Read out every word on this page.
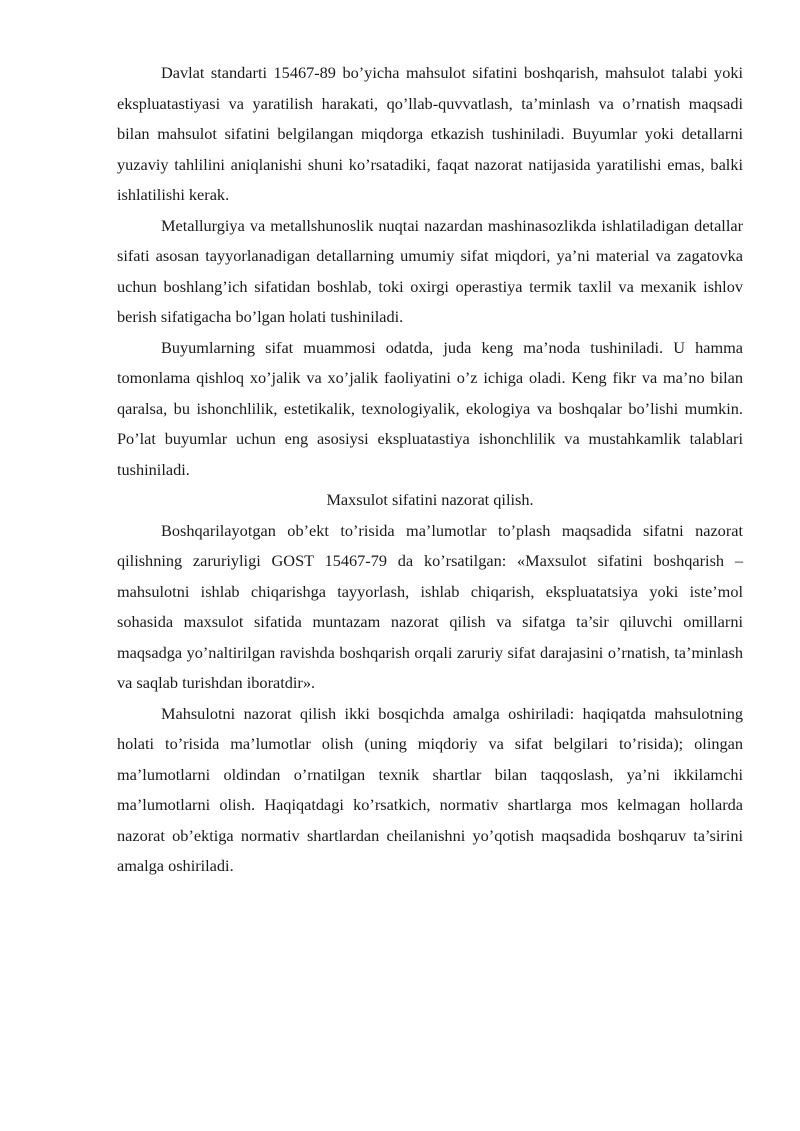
Davlat standarti 15467-89 bo’yicha mahsulot sifatini boshqarish, mahsulot talabi yoki ekspluatastiyasi va yaratilish harakati, qo’llab-quvvatlash, ta’minlash va o’rnatish maqsadi bilan mahsulot sifatini belgilangan miqdorga etkazish tushiniladi. Buyumlar yoki detallarni yuzaviy tahlilini aniqlanishi shuni ko’rsatadiki, faqat nazorat natijasida yaratilishi emas, balki ishlatilishi kerak.

Metallurgiya va metallshunoslik nuqtai nazardan mashinasozlikda ishlatiladigan detallar sifati asosan tayyorlanadigan detallarning umumiy sifat miqdori, ya’ni material va zagatovka uchun boshlang’ich sifatidan boshlab, toki oxirgi operastiya termik taxlil va mexanik ishlov berish sifatigacha bo’lgan holati tushiniladi.

Buyumlarning sifat muammosi odatda, juda keng ma’noda tushiniladi. U hamma tomonlama qishloq xo’jalik va xo’jalik faoliyatini o’z ichiga oladi. Keng fikr va ma’no bilan qaralsa, bu ishonchlilik, estetikalik, texnologiyalik, ekologiya va boshqalar bo’lishi mumkin. Po’lat buyumlar uchun eng asosiysi ekspluatastiya ishonchlilik va mustahkamlik talablari tushiniladi.

Maxsulot sifatini nazorat qilish.

Boshqarilayotgan ob’ekt to’risida ma’lumotlar to’plash maqsadida sifatni nazorat qilishning zaruriyligi GOST 15467-79 da ko’rsatilgan: «Maxsulot sifatini boshqarish – mahsulotni ishlab chiqarishga tayyorlash, ishlab chiqarish, ekspluatatsiya yoki iste’mol sohasida maxsulot sifatida muntazam nazorat qilish va sifatga ta’sir qiluvchi omillarni maqsadga yo’naltirilgan ravishda boshqarish orqali zaruriy sifat darajasini o’rnatish, ta’minlash va saqlab turishdan iboratdir».

Mahsulotni nazorat qilish ikki bosqichda amalga oshiriladi: haqiqatda mahsulotning holati to’risida ma’lumotlar olish (uning miqdoriy va sifat belgilari to’risida); olingan ma’lumotlarni oldindan o’rnatilgan texnik shartlar bilan taqqoslash, ya’ni ikkilamchi ma’lumotlarni olish. Haqiqatdagi ko’rsatkich, normativ shartlarga mos kelmagan hollarda nazorat ob’ektiga normativ shartlardan cheilanishni yo’qotish maqsadida boshqaruv ta’sirini amalga oshiriladi.
